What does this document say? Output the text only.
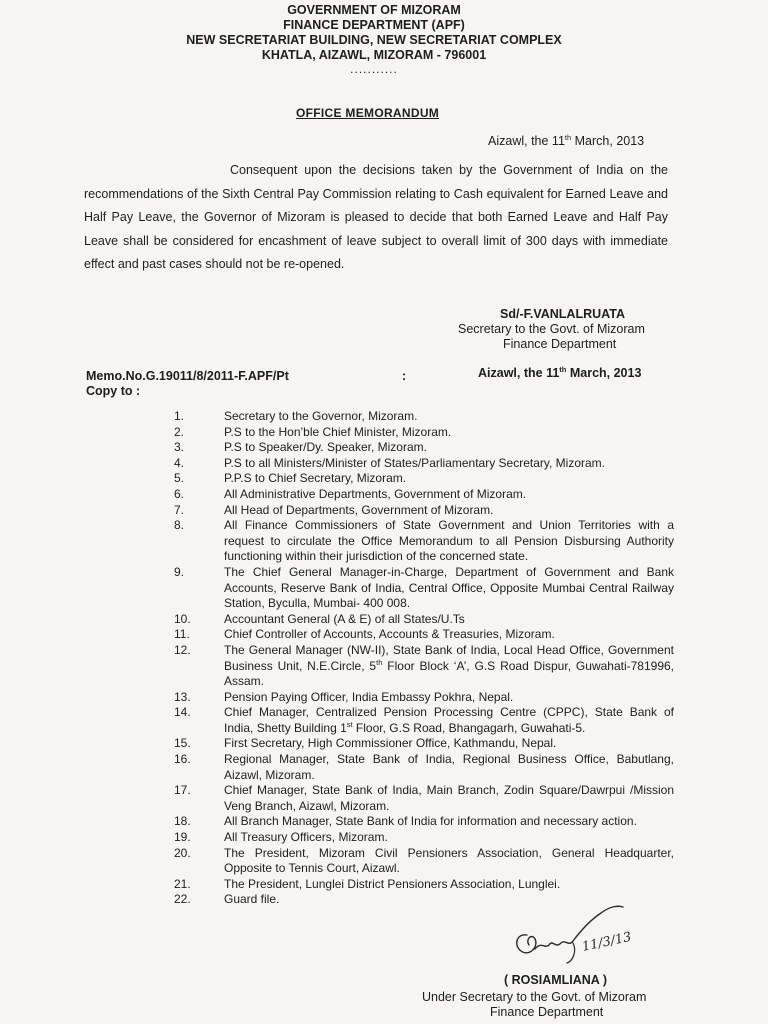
GOVERNMENT OF MIZORAM
FINANCE DEPARTMENT (APF)
NEW SECRETARIAT BUILDING, NEW SECRETARIAT COMPLEX
KHATLA, AIZAWL, MIZORAM - 796001
...........
OFFICE MEMORANDUM
Aizawl, the 11th March, 2013

Consequent upon the decisions taken by the Government of India on the recommendations of the Sixth Central Pay Commission relating to Cash equivalent for Earned Leave and Half Pay Leave, the Governor of Mizoram is pleased to decide that both Earned Leave and Half Pay Leave shall be considered for encashment of leave subject to overall limit of 300 days with immediate effect and past cases should not be re-opened.

Sd/-F.VANLALRUATA
Secretary to the Govt. of Mizoram
Finance Department
Memo.No.G.19011/8/2011-F.APF/Pt	:	Aizawl, the 11th March, 2013
Copy to :
1.	Secretary to the Governor, Mizoram.
2.	P.S to the Hon’ble Chief Minister, Mizoram.
3.	P.S to Speaker/Dy. Speaker, Mizoram.
4.	P.S to all Ministers/Minister of States/Parliamentary Secretary, Mizoram.
5.	P.P.S to Chief Secretary, Mizoram.
6.	All Administrative Departments, Government of Mizoram.
7.	All Head of Departments, Government of Mizoram.
8.	All Finance Commissioners of State Government and Union Territories with a request to circulate the Office Memorandum to all Pension Disbursing Authority functioning within their jurisdiction of the concerned state.
9.	The Chief General Manager-in-Charge, Department of Government and Bank Accounts, Reserve Bank of India, Central Office, Opposite Mumbai Central Railway Station, Byculla, Mumbai- 400 008.
10.	Accountant General (A & E) of all States/U.Ts
11.	Chief Controller of Accounts, Accounts & Treasuries, Mizoram.
12.	The General Manager (NW-II), State Bank of India, Local Head Office, Government Business Unit, N.E.Circle, 5th Floor Block ‘A’, G.S Road Dispur, Guwahati-781996, Assam.
13.	Pension Paying Officer, India Embassy Pokhra, Nepal.
14.	Chief Manager, Centralized Pension Processing Centre (CPPC), State Bank of India, Shetty Building 1st Floor, G.S Road, Bhangagarh, Guwahati-5.
15.	First Secretary, High Commissioner Office, Kathmandu, Nepal.
16.	Regional Manager, State Bank of India, Regional Business Office, Babutlang, Aizawl, Mizoram.
17.	Chief Manager, State Bank of India, Main Branch, Zodin Square/Dawrpui /Mission Veng Branch, Aizawl, Mizoram.
18.	All Branch Manager, State Bank of India for information and necessary action.
19.	All Treasury Officers, Mizoram.
20.	The President, Mizoram Civil Pensioners Association, General Headquarter, Opposite to Tennis Court, Aizawl.
21.	The President, Lunglei District Pensioners Association, Lunglei.
22.	Guard file.
11/3/13
( ROSIAMLIANA )
Under Secretary to the Govt. of Mizoram
Finance Department
